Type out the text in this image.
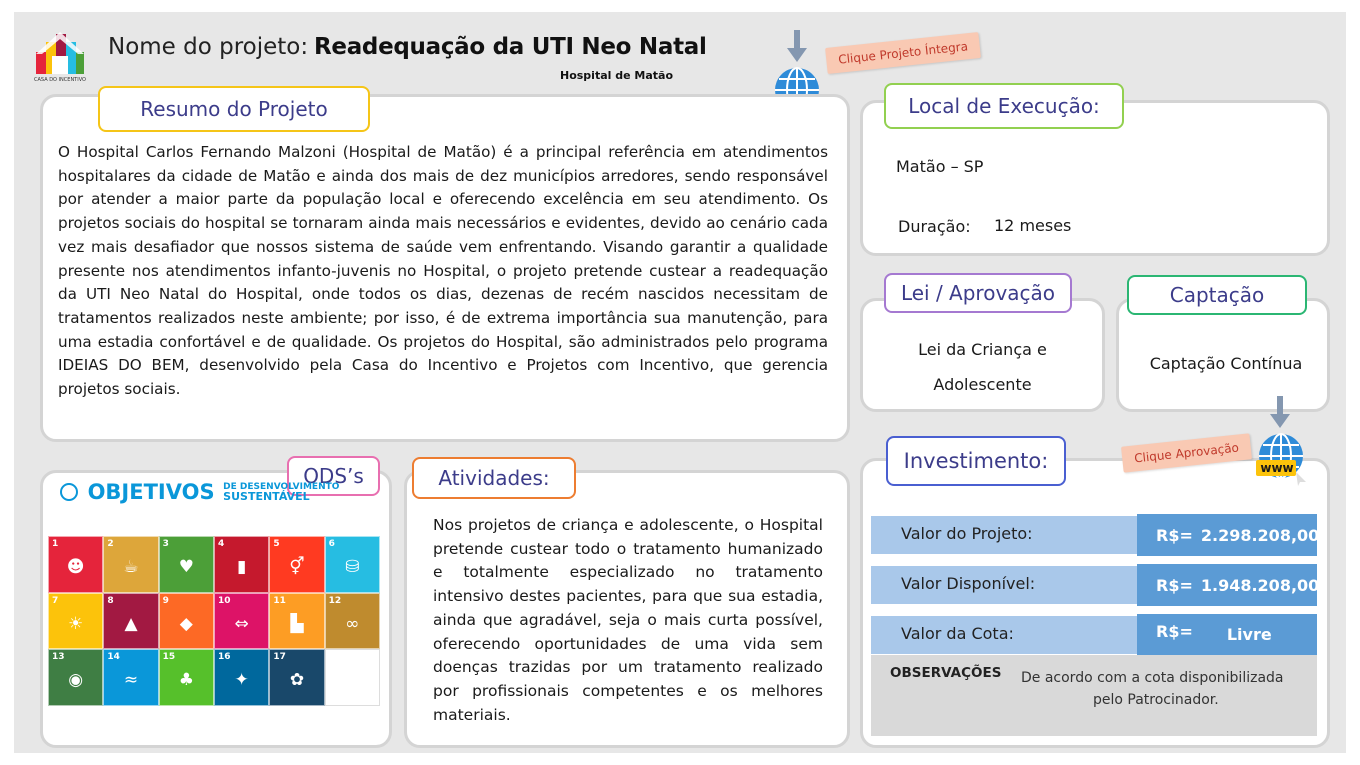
CASA DO INCENTIVO
Nome do projeto: Readequação da UTI Neo Natal
Hospital de Matão
Clique Projeto Íntegra
Resumo do Projeto
O Hospital Carlos Fernando Malzoni (Hospital de Matão) é a principal referência em atendimentos hospitalares da cidade de Matão e ainda dos mais de dez municípios arredores, sendo responsável por atender a maior parte da população local e oferecendo excelência em seu atendimento. Os projetos sociais do hospital se tornaram ainda mais necessários e evidentes, devido ao cenário cada vez mais desafiador que nossos sistema de saúde vem enfrentando. Visando garantir a qualidade presente nos atendimentos infanto-juvenis no Hospital, o projeto pretende custear a readequação da UTI Neo Natal do Hospital, onde todos os dias, dezenas de recém nascidos necessitam de tratamentos realizados neste ambiente; por isso, é de extrema importância sua manutenção, para uma estadia confortável e de qualidade. Os projetos do Hospital, são administrados pelo programa IDEIAS DO BEM, desenvolvido pela Casa do Incentivo e Projetos com Incentivo, que gerencia projetos sociais.
Local de Execução:
Matão – SP
Duração: 12 meses
Lei / Aprovação
Lei da Criança e
Adolescente
Captação
Captação Contínua
ODS’s
OBJETIVOS DE DESENVOLVIMENTO
SUSTENTÁVEL
1
☻
2
☕
3
♥
4
▮
5
⚥
6
⛁
7
☀
8
▲
9
◆
10
⇔
11
▙
12
∞
13
◉
14
≈
15
♣
16
✦
17
✿
Atividades:
Nos projetos de criança e adolescente, o Hospital pretende custear todo o tratamento humanizado e totalmente especializado no tratamento intensivo destes pacientes, para que sua estadia, ainda que agradável, seja o mais curta possível, oferecendo oportunidades de uma vida sem doenças trazidas por um tratamento realizado por profissionais competentes e os melhores materiais.
Investimento:	www
Clique Aprovação
Valor do Projeto:	R$= 2.298.208,00
Valor Disponível:	R$= 1.948.208,00
Valor da Cota:	R$= Livre
OBSERVAÇÕES De acordo com a cota disponibilizada
pelo Patrocinador.
